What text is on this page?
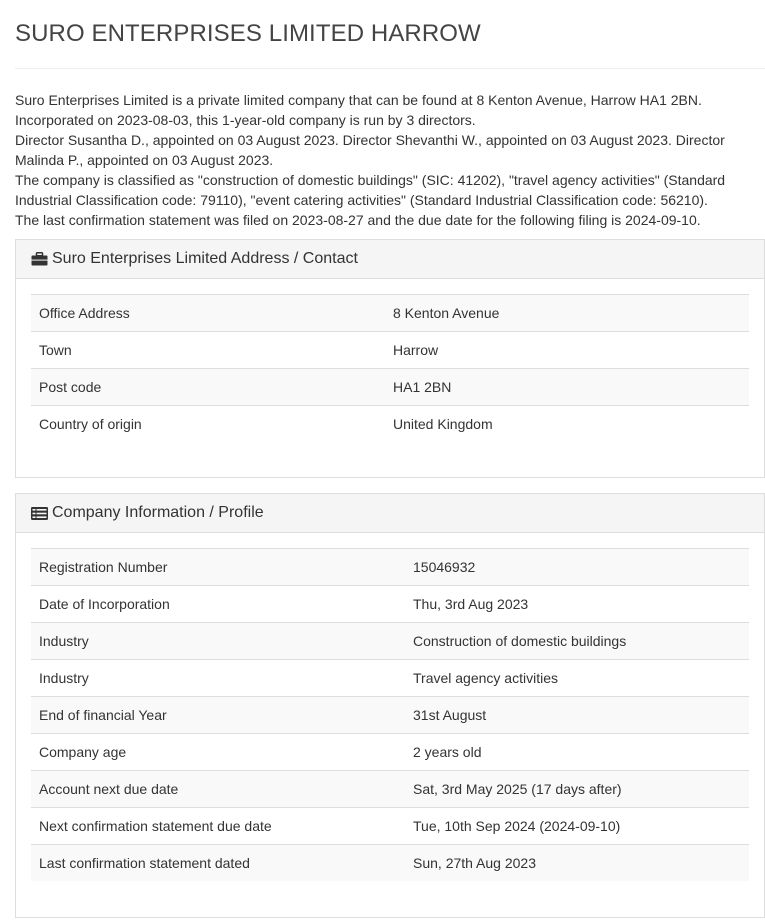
SURO ENTERPRISES LIMITED HARROW

Suro Enterprises Limited is a private limited company that can be found at 8 Kenton Avenue, Harrow HA1 2BN.

Incorporated on 2023-08-03, this 1-year-old company is run by 3 directors.

Director Susantha D., appointed on 03 August 2023. Director Shevanthi W., appointed on 03 August 2023. Director Malinda P., appointed on 03 August 2023.

The company is classified as "construction of domestic buildings" (SIC: 41202), "travel agency activities" (Standard Industrial Classification code: 79110), "event catering activities" (Standard Industrial Classification code: 56210).

The last confirmation statement was filed on 2023-08-27 and the due date for the following filing is 2024-09-10.

Suro Enterprises Limited Address / Contact
Office Address	8 Kenton Avenue
Town	Harrow
Post code	HA1 2BN
Country of origin	United Kingdom
Company Information / Profile
Registration Number	15046932
Date of Incorporation	Thu, 3rd Aug 2023
Industry	Construction of domestic buildings
Industry	Travel agency activities
End of financial Year	31st August
Company age	2 years old
Account next due date	Sat, 3rd May 2025 (17 days after)
Next confirmation statement due date	Tue, 10th Sep 2024 (2024-09-10)
Last confirmation statement dated	Sun, 27th Aug 2023
